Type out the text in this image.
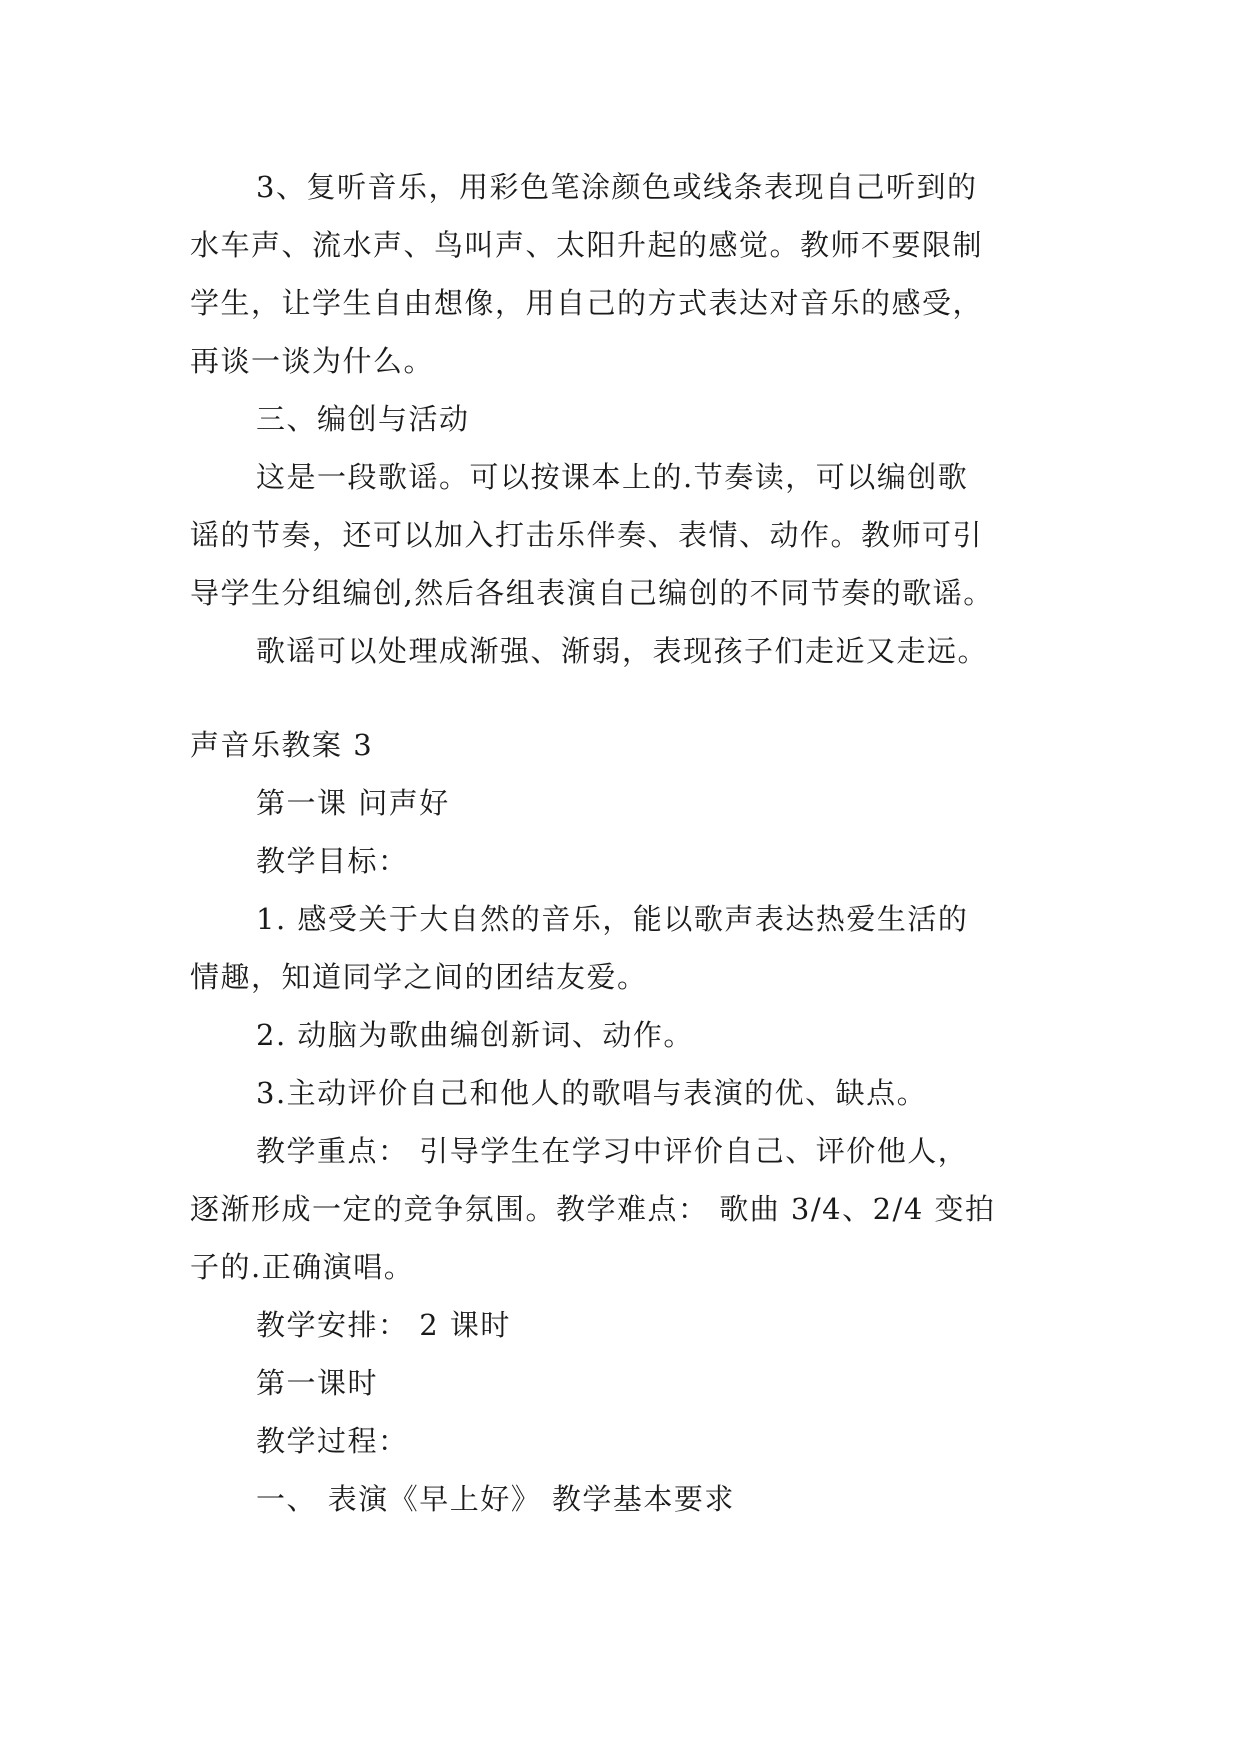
3、复听音乐，用彩色笔涂颜色或线条表现自己听到的
水车声、流水声、鸟叫声、太阳升起的感觉。教师不要限制
学生，让学生自由想像，用自己的方式表达对音乐的感受，
再谈一谈为什么。
三、编创与活动
这是一段歌谣。可以按课本上的.节奏读，可以编创歌
谣的节奏，还可以加入打击乐伴奏、表情、动作。教师可引
导学生分组编创,然后各组表演自己编创的不同节奏的歌谣。
歌谣可以处理成渐强、渐弱，表现孩子们走近又走远。
声音乐教案 3
第一课 问声好
教学目标：
1. 感受关于大自然的音乐，能以歌声表达热爱生活的
情趣，知道同学之间的团结友爱。
2. 动脑为歌曲编创新词、动作。
3.主动评价自己和他人的歌唱与表演的优、缺点。
教学重点： 引导学生在学习中评价自己、评价他人，
逐渐形成一定的竞争氛围。教学难点： 歌曲 3/4、2/4 变拍
子的.正确演唱。
教学安排： 2 课时
第一课时
教学过程：
一、 表演《早上好》 教学基本要求
